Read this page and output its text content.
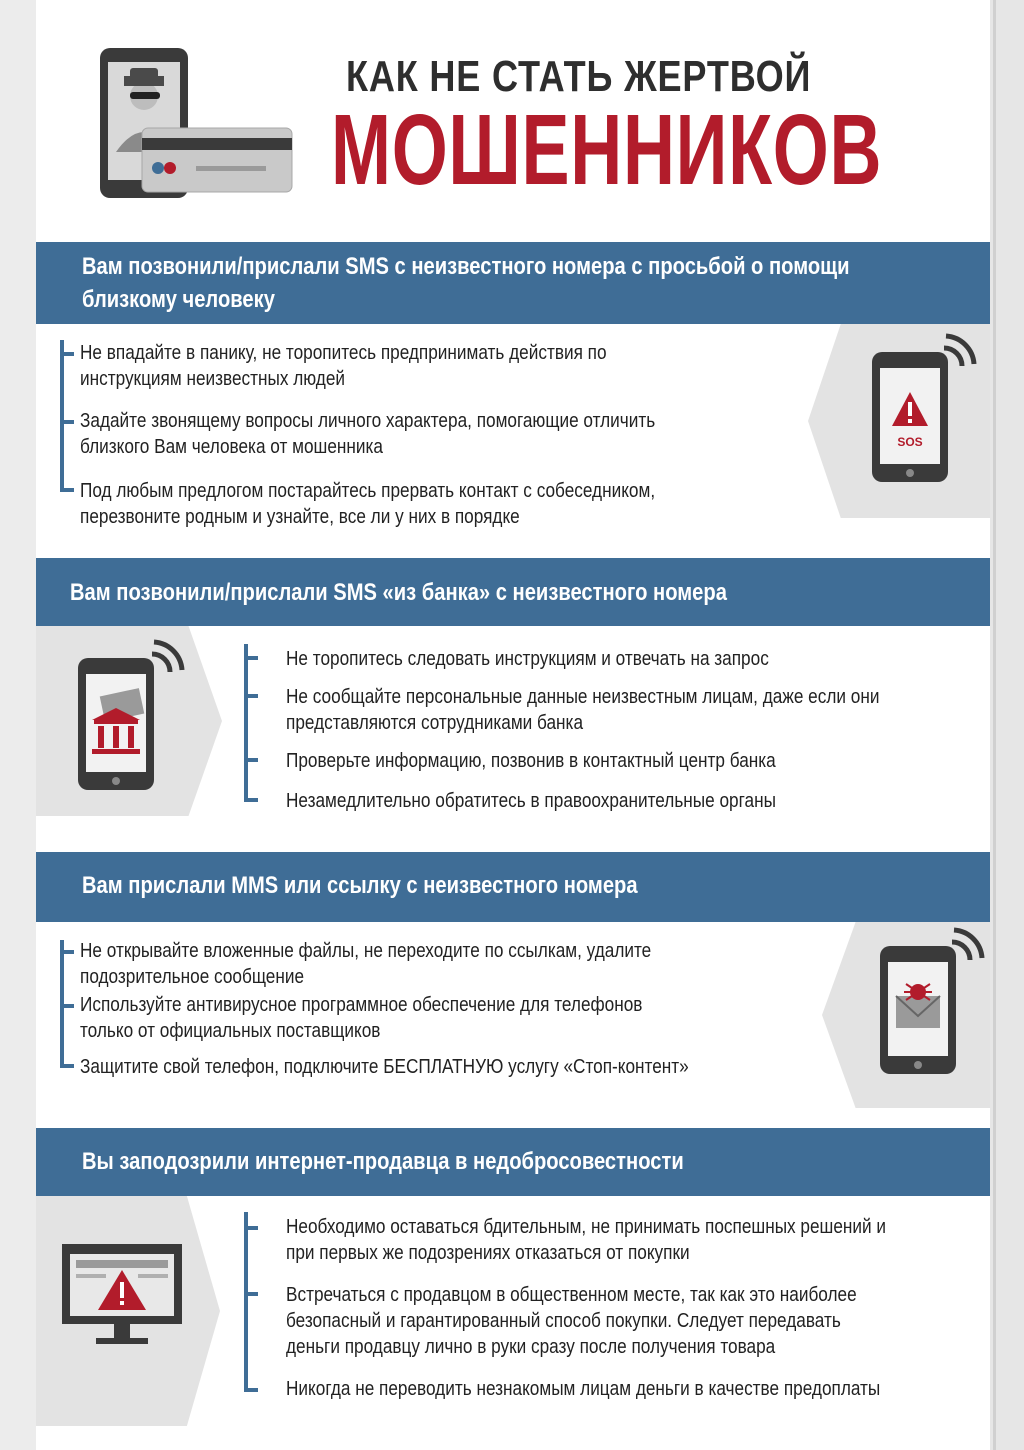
КАК НЕ СТАТЬ ЖЕРТВОЙ
МОШЕННИКОВ
Вам позвонили/прислали SMS с неизвестного номера с просьбой о помощи
близкому человеку
SOS
Не впадайте в панику, не торопитесь предпринимать действия по
инструкциям неизвестных людей
Задайте звонящему вопросы личного характера, помогающие отличить
близкого Вам человека от мошенника
Под любым предлогом постарайтесь прервать контакт с собеседником,
перезвоните родным и узнайте, все ли у них в порядке
Вам позвонили/прислали SMS «из банка» с неизвестного номера
Не торопитесь следовать инструкциям и отвечать на запрос
Не сообщайте персональные данные неизвестным лицам, даже если они
представляются сотрудниками банка
Проверьте информацию, позвонив в контактный центр банка
Незамедлительно обратитесь в правоохранительные органы
Вам прислали MMS или ссылку с неизвестного номера
Не открывайте вложенные файлы, не переходите по ссылкам, удалите
подозрительное сообщение
Используйте антивирусное программное обеспечение для телефонов
только от официальных поставщиков
Защитите свой телефон, подключите БЕСПЛАТНУЮ услугу «Стоп-контент»
Вы заподозрили интернет-продавца в недобросовестности
Необходимо оставаться бдительным, не принимать поспешных решений и
при первых же подозрениях отказаться от покупки
Встречаться с продавцом в общественном месте, так как это наиболее
безопасный и гарантированный способ покупки. Следует передавать
деньги продавцу лично в руки сразу после получения товара
Никогда не переводить незнакомым лицам деньги в качестве предоплаты
